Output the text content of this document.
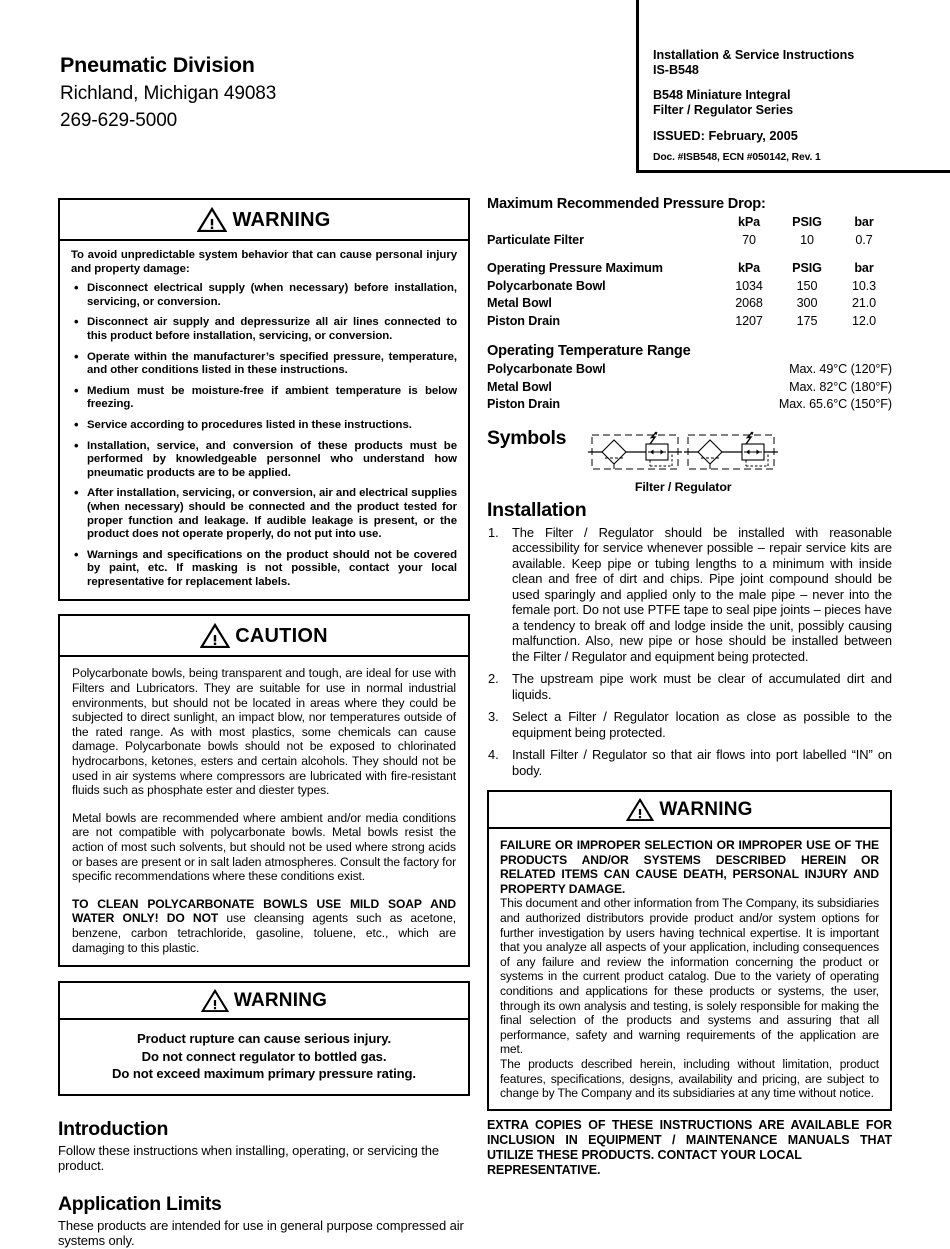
Pneumatic Division
Richland, Michigan 49083
269-629-5000
Installation & Service Instructions
IS-B548
B548 Miniature Integral
Filter / Regulator Series
ISSUED: February, 2005
Doc. #ISB548, ECN #050142, Rev. 1
WARNING

To avoid unpredictable system behavior that can cause personal injury and property damage:

• Disconnect electrical supply (when necessary) before installation, servicing, or conversion.
• Disconnect air supply and depressurize all air lines connected to this product before installation, servicing, or conversion.
• Operate within the manufacturer’s specified pressure, temperature, and other conditions listed in these instructions.
• Medium must be moisture-free if ambient temperature is below freezing.
• Service according to procedures listed in these instructions.
• Installation, service, and conversion of these products must be performed by knowledgeable personnel who understand how pneumatic products are to be applied.
• After installation, servicing, or conversion, air and electrical supplies (when necessary) should be connected and the product tested for proper function and leakage. If audible leakage is present, or the product does not operate properly, do not put into use.
• Warnings and specifications on the product should not be covered by paint, etc. If masking is not possible, contact your local representative for replacement labels.
CAUTION

Polycarbonate bowls, being transparent and tough, are ideal for use with Filters and Lubricators. They are suitable for use in normal industrial environments, but should not be located in areas where they could be subjected to direct sunlight, an impact blow, nor temperatures outside of the rated range. As with most plastics, some chemicals can cause damage. Polycarbonate bowls should not be exposed to chlorinated hydrocarbons, ketones, esters and certain alcohols. They should not be used in air systems where compressors are lubricated with fire-resistant fluids such as phosphate ester and diester types.

Metal bowls are recommended where ambient and/or media conditions are not compatible with polycarbonate bowls. Metal bowls resist the action of most such solvents, but should not be used where strong acids or bases are present or in salt laden atmospheres. Consult the factory for specific recommendations where these conditions exist.

TO CLEAN POLYCARBONATE BOWLS USE MILD SOAP AND WATER ONLY! DO NOT use cleansing agents such as acetone, benzene, carbon tetrachloride, gasoline, toluene, etc., which are damaging to this plastic.

WARNING
Product rupture can cause serious injury.
Do not connect regulator to bottled gas.
Do not exceed maximum primary pressure rating.
Introduction

Follow these instructions when installing, operating, or servicing the product.

Application Limits

These products are intended for use in general purpose compressed air systems only.

Maximum Recommended Pressure Drop:
	kPa	PSIG	bar
Particulate Filter	70	10	0.7
Operating Pressure Maximum	kPa	PSIG	bar
Polycarbonate Bowl	1034	150	10.3
Metal Bowl	2068	300	21.0
Piston Drain	1207	175	12.0
Operating Temperature Range
Polycarbonate Bowl	Max. 49°C (120°F)
Metal Bowl	Max. 82°C (180°F)
Piston Drain	Max. 65.6°C (150°F)
Symbols
Filter / Regulator
Installation
1. The Filter / Regulator should be installed with reasonable accessibility for service whenever possible – repair service kits are available. Keep pipe or tubing lengths to a minimum with inside clean and free of dirt and chips. Pipe joint compound should be used sparingly and applied only to the male pipe – never into the female port. Do not use PTFE tape to seal pipe joints – pieces have a tendency to break off and lodge inside the unit, possibly causing malfunction. Also, new pipe or hose should be installed between the Filter / Regulator and equipment being protected.
2. The upstream pipe work must be clear of accumulated dirt and liquids.
3. Select a Filter / Regulator location as close as possible to the equipment being protected.
4. Install Filter / Regulator so that air flows into port labelled “IN” on body.
WARNING

FAILURE OR IMPROPER SELECTION OR IMPROPER USE OF THE PRODUCTS AND/OR SYSTEMS DESCRIBED HEREIN OR RELATED ITEMS CAN CAUSE DEATH, PERSONAL INJURY AND PROPERTY DAMAGE.

This document and other information from The Company, its subsidiaries and authorized distributors provide product and/or system options for further investigation by users having technical expertise. It is important that you analyze all aspects of your application, including consequences of any failure and review the information concerning the product or systems in the current product catalog. Due to the variety of operating conditions and applications for these products or systems, the user, through its own analysis and testing, is solely responsible for making the final selection of the products and systems and assuring that all performance, safety and warning requirements of the application are met.

The products described herein, including without limitation, product features, specifications, designs, availability and pricing, are subject to change by The Company and its subsidiaries at any time without notice.

EXTRA COPIES OF THESE INSTRUCTIONS ARE AVAILABLE FOR INCLUSION IN EQUIPMENT / MAINTENANCE MANUALS THAT UTILIZE THESE PRODUCTS. CONTACT YOUR LOCAL
REPRESENTATIVE.
